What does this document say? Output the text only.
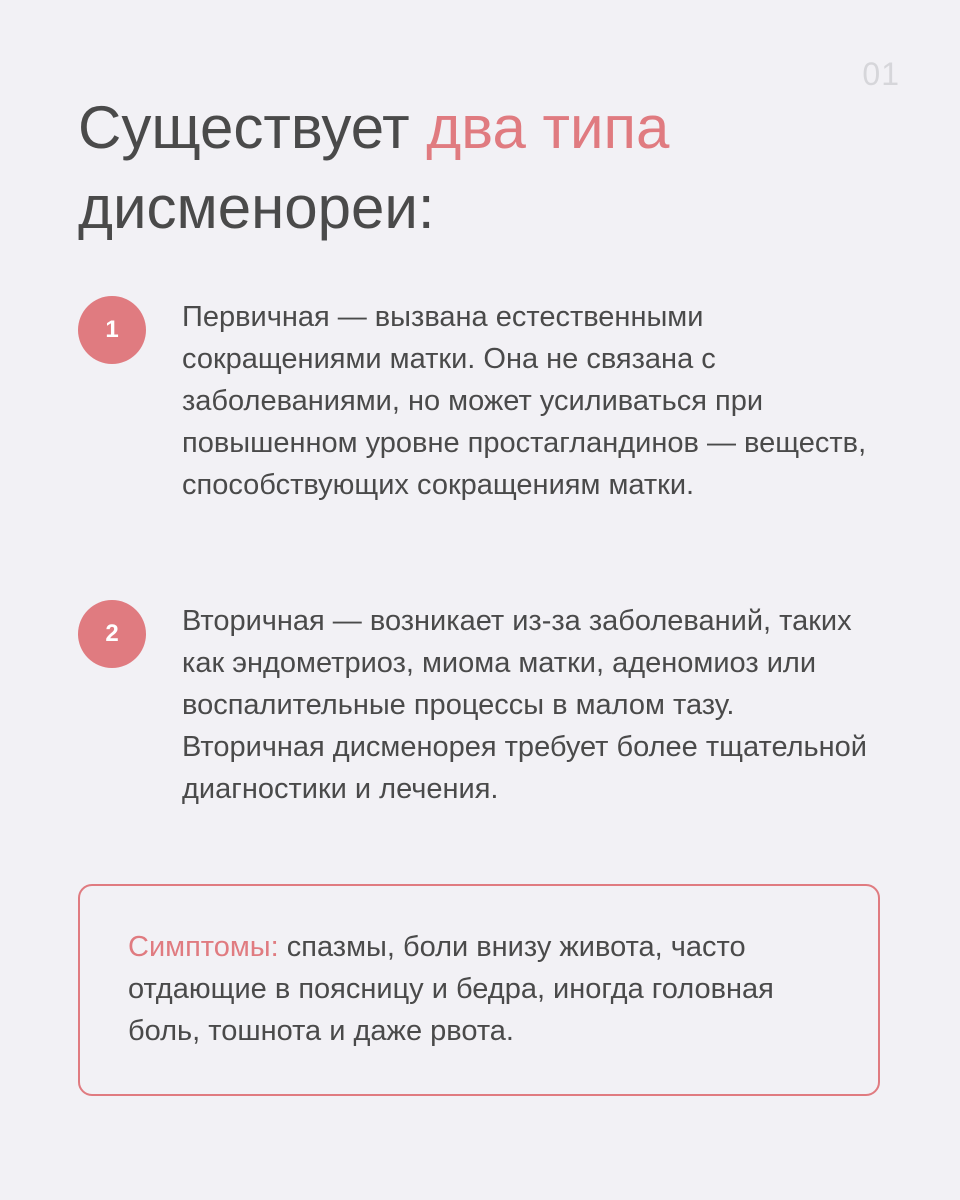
01
Существует два типа
дисменореи:
1	Первичная — вызвана естественными сокращениями матки. Она не связана с заболеваниями, но может усиливаться при повышенном уровне простагландинов — веществ, способствующих сокращениям матки.

2	Вторичная — возникает из-за заболеваний, таких как эндометриоз, миома матки, аденомиоз или воспалительные процессы в малом тазу. Вторичная дисменорея требует более тщательной диагностики и лечения.

Симптомы: спазмы, боли внизу живота, часто отдающие в поясницу и бедра, иногда головная боль, тошнота и даже рвота.
